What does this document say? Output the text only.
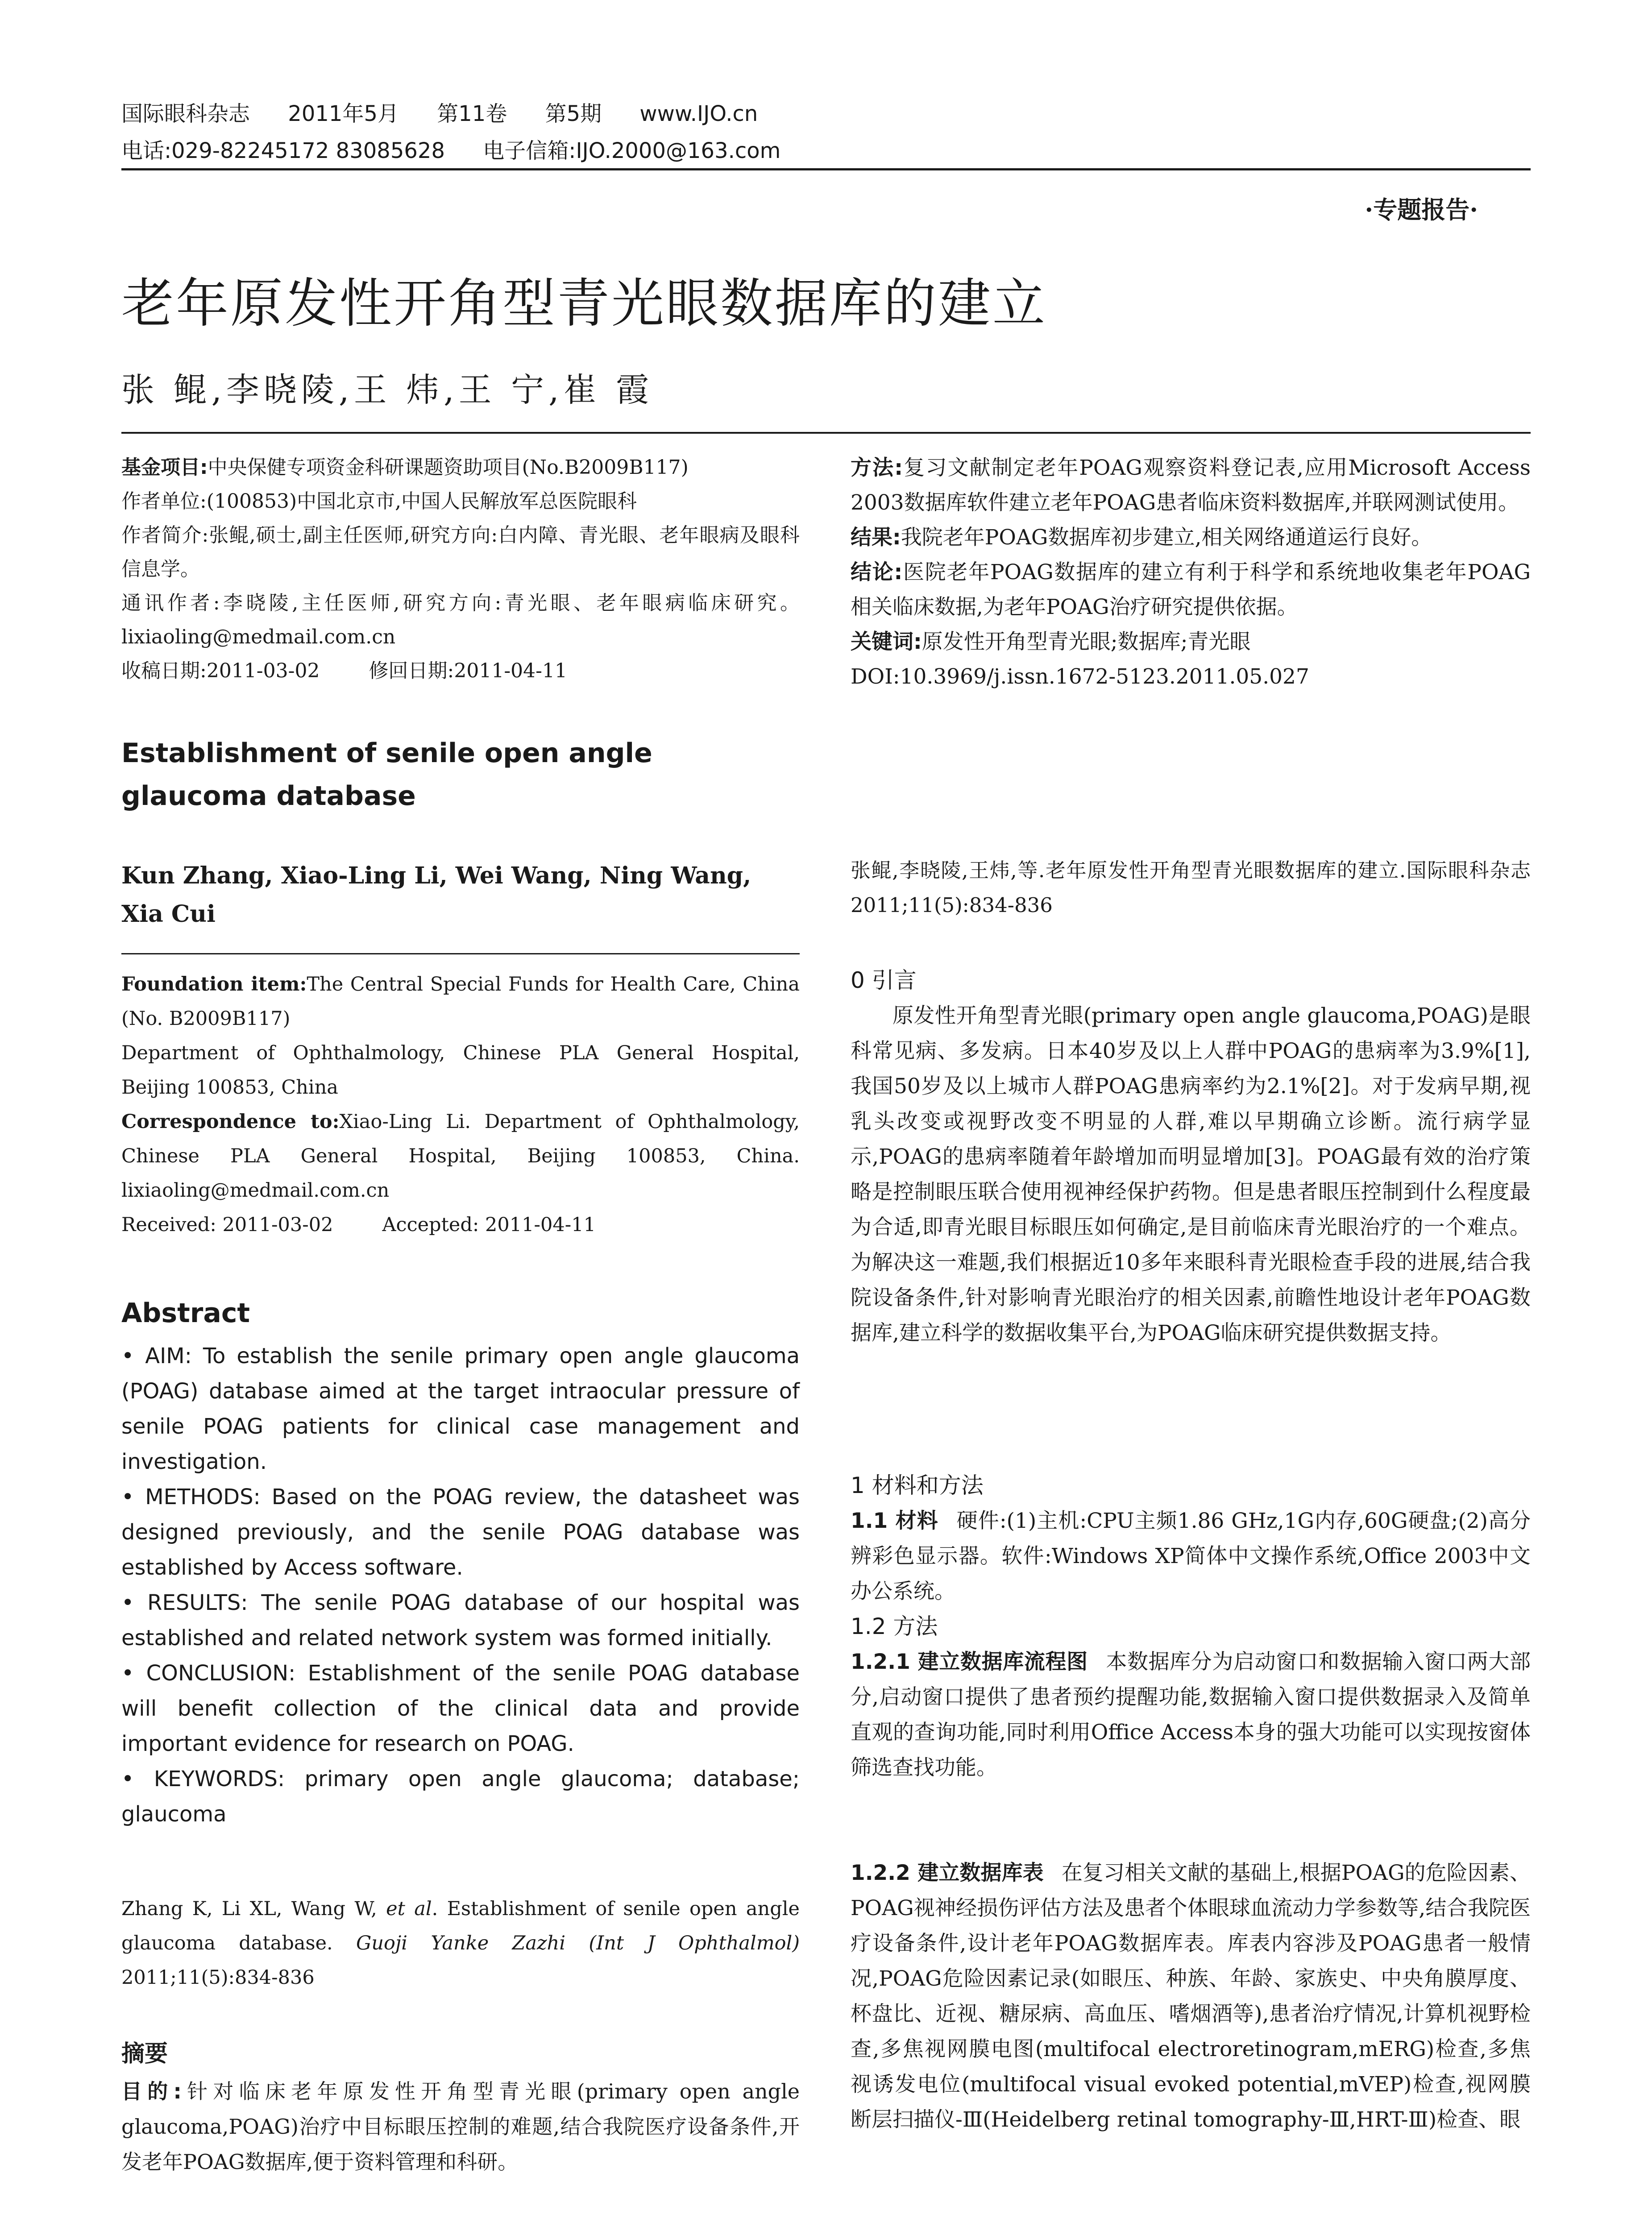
国际眼科杂志 2011年5月 第11卷 第5期 www.IJO.cn
电话:029-82245172 83085628 电子信箱:IJO.2000@163.com
·专题报告·
老年原发性开角型青光眼数据库的建立
张 鲲,李晓陵,王 炜,王 宁,崔 霞

基金项目:中央保健专项资金科研课题资助项目(No.B2009B117)

作者单位:(100853)中国北京市,中国人民解放军总医院眼科

作者简介:张鲲,硕士,副主任医师,研究方向:白内障、青光眼、老年眼病及眼科信息学。

通讯作者:李晓陵,主任医师,研究方向:青光眼、老年眼病临床研究。lixiaoling@medmail.com.cn

收稿日期:2011-03-02	修回日期:2011-04-11

Establishment of senile open angle glaucoma database
Kun Zhang, Xiao-Ling Li, Wei Wang, Ning Wang, Xia Cui

Foundation item:The Central Special Funds for Health Care, China (No. B2009B117)

Department of Ophthalmology, Chinese PLA General Hospital, Beijing 100853, China

Correspondence to:Xiao-Ling Li. Department of Ophthalmology, Chinese PLA General Hospital, Beijing 100853, China. lixiaoling@medmail.com.cn

Received: 2011-03-02	Accepted: 2011-04-11

Abstract

• AIM: To establish the senile primary open angle glaucoma (POAG) database aimed at the target intraocular pressure of senile POAG patients for clinical case management and investigation.

• METHODS: Based on the POAG review, the datasheet was designed previously, and the senile POAG database was established by Access software.

• RESULTS: The senile POAG database of our hospital was established and related network system was formed initially.

• CONCLUSION: Establishment of the senile POAG database will benefit collection of the clinical data and provide important evidence for research on POAG.

• KEYWORDS: primary open angle glaucoma; database; glaucoma

Zhang K, Li XL, Wang W, et al. Establishment of senile open angle glaucoma database. Guoji Yanke Zazhi (Int J Ophthalmol) 2011;11(5):834-836

摘要

目的:针对临床老年原发性开角型青光眼(primary open angle glaucoma,POAG)治疗中目标眼压控制的难题,结合我院医疗设备条件,开发老年POAG数据库,便于资料管理和科研。

方法:复习文献制定老年POAG观察资料登记表,应用Microsoft Access 2003数据库软件建立老年POAG患者临床资料数据库,并联网测试使用。

结果:我院老年POAG数据库初步建立,相关网络通道运行良好。

结论:医院老年POAG数据库的建立有利于科学和系统地收集老年POAG相关临床数据,为老年POAG治疗研究提供依据。

关键词:原发性开角型青光眼;数据库;青光眼

DOI:10.3969/j.issn.1672-5123.2011.05.027

张鲲,李晓陵,王炜,等.老年原发性开角型青光眼数据库的建立.国际眼科杂志 2011;11(5):834-836
0 引言

原发性开角型青光眼(primary open angle glaucoma,POAG)是眼科常见病、多发病。日本40岁及以上人群中POAG的患病率为3.9%[1],我国50岁及以上城市人群POAG患病率约为2.1%[2]。对于发病早期,视乳头改变或视野改变不明显的人群,难以早期确立诊断。流行病学显示,POAG的患病率随着年龄增加而明显增加[3]。POAG最有效的治疗策略是控制眼压联合使用视神经保护药物。但是患者眼压控制到什么程度最为合适,即青光眼目标眼压如何确定,是目前临床青光眼治疗的一个难点。为解决这一难题,我们根据近10多年来眼科青光眼检查手段的进展,结合我院设备条件,针对影响青光眼治疗的相关因素,前瞻性地设计老年POAG数据库,建立科学的数据收集平台,为POAG临床研究提供数据支持。

1 材料和方法

1.1 材料 硬件:(1)主机:CPU主频1.86 GHz,1G内存,60G硬盘;(2)高分辨彩色显示器。软件:Windows XP简体中文操作系统,Office 2003中文办公系统。

1.2 方法

1.2.1 建立数据库流程图 本数据库分为启动窗口和数据输入窗口两大部分,启动窗口提供了患者预约提醒功能,数据输入窗口提供数据录入及简单直观的查询功能,同时利用Office Access本身的强大功能可以实现按窗体筛选查找功能。

1.2.2 建立数据库表 在复习相关文献的基础上,根据POAG的危险因素、POAG视神经损伤评估方法及患者个体眼球血流动力学参数等,结合我院医疗设备条件,设计老年POAG数据库表。库表内容涉及POAG患者一般情况,POAG危险因素记录(如眼压、种族、年龄、家族史、中央角膜厚度、杯盘比、近视、糖尿病、高血压、嗜烟酒等),患者治疗情况,计算机视野检查,多焦视网膜电图(multifocal electroretinogram,mERG)检查,多焦视诱发电位(multifocal visual evoked potential,mVEP)检查,视网膜断层扫描仪-Ⅲ(Heidelberg retinal tomography-Ⅲ,HRT-Ⅲ)检查、眼
